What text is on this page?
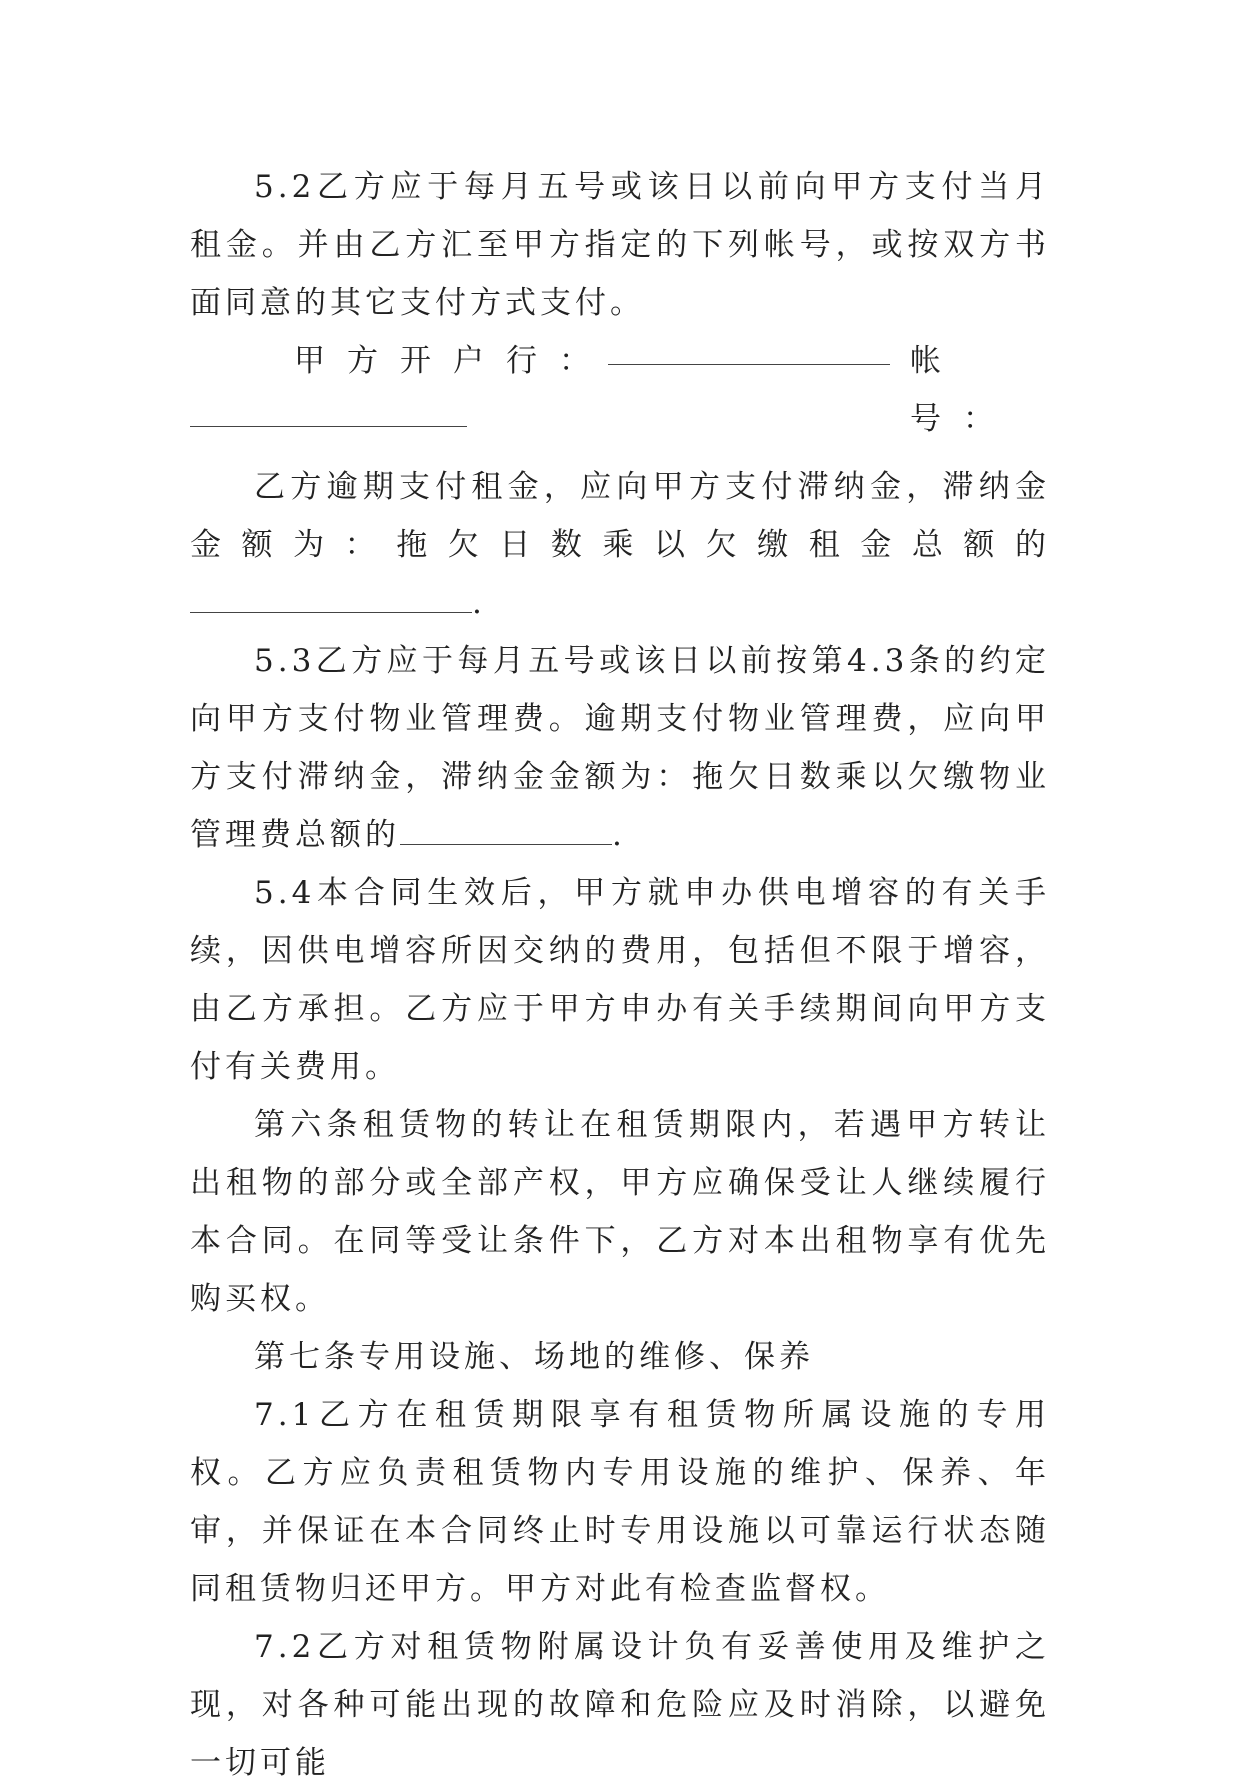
5.2乙方应于每月五号或该日以前向甲方支付当月租金。并由乙方汇至甲方指定的下列帐号，或按双方书面同意的其它支付方式支付。

甲方开户行：	帐号：

乙方逾期支付租金，应向甲方支付滞纳金，滞纳金金额为：拖欠日数乘以欠缴租金总额的.

5.3乙方应于每月五号或该日以前按第4.3条的约定向甲方支付物业管理费。逾期支付物业管理费，应向甲方支付滞纳金，滞纳金金额为：拖欠日数乘以欠缴物业管理费总额的	.

5.4本合同生效后，甲方就申办供电增容的有关手续，因供电增容所因交纳的费用，包括但不限于增容，由乙方承担。乙方应于甲方申办有关手续期间向甲方支付有关费用。

第六条租赁物的转让在租赁期限内，若遇甲方转让出租物的部分或全部产权，甲方应确保受让人继续履行本合同。在同等受让条件下，乙方对本出租物享有优先购买权。

第七条专用设施、场地的维修、保养

7.1乙方在租赁期限享有租赁物所属设施的专用权。乙方应负责租赁物内专用设施的维护、保养、年审，并保证在本合同终止时专用设施以可靠运行状态随同租赁物归还甲方。甲方对此有检查监督权。

7.2乙方对租赁物附属设计负有妥善使用及维护之现，对各种可能出现的故障和危险应及时消除，以避免一切可能
